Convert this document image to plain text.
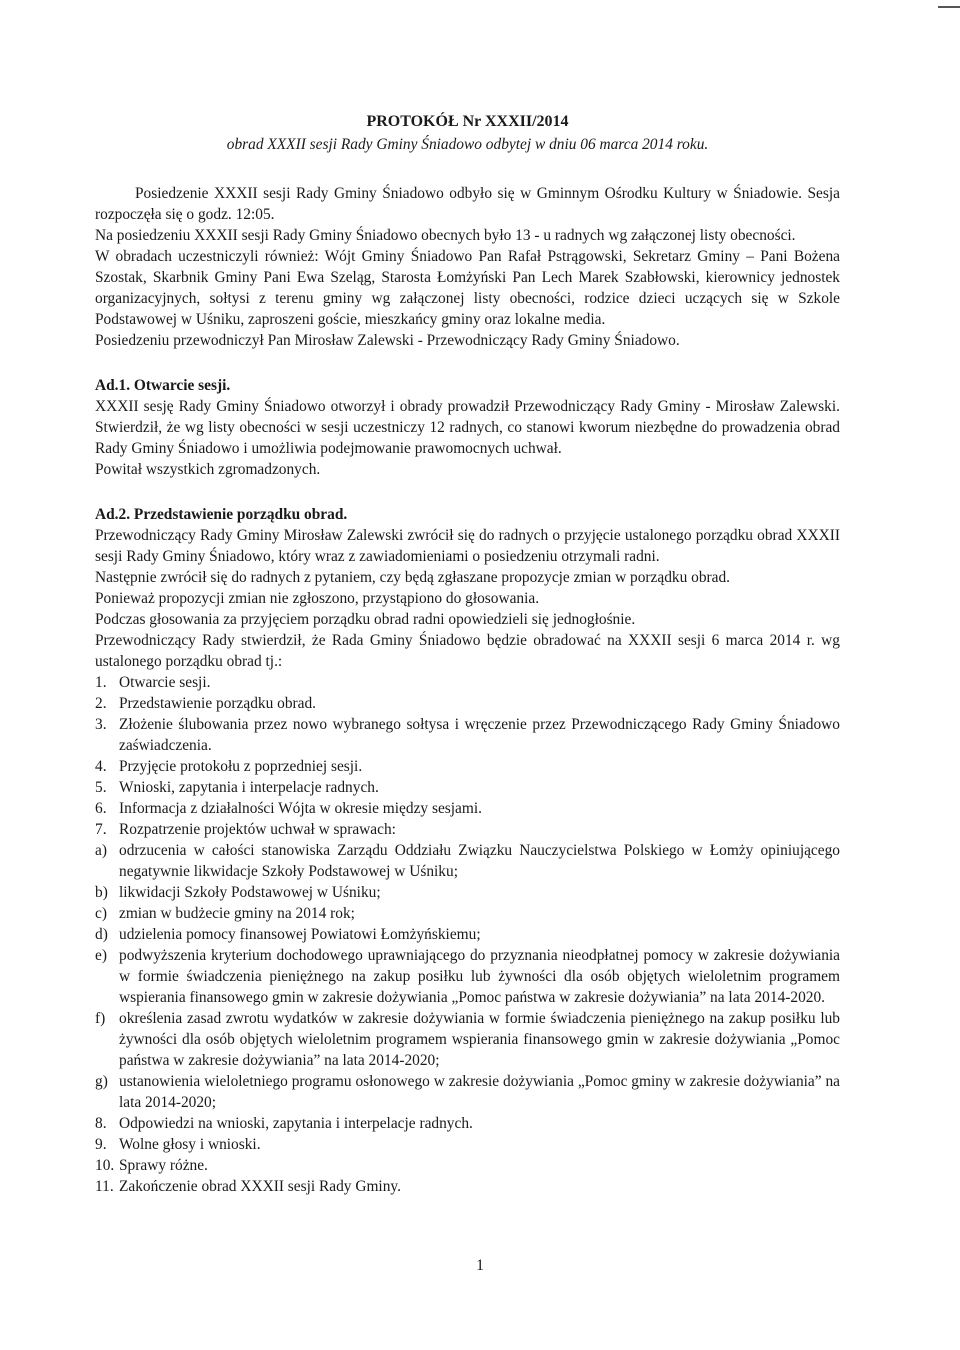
PROTOKÓŁ Nr XXXII/2014

obrad XXXII sesji Rady Gminy Śniadowo odbytej w dniu 06 marca 2014 roku.

Posiedzenie XXXII sesji Rady Gminy Śniadowo odbyło się w Gminnym Ośrodku Kultury w Śniadowie. Sesja rozpoczęła się o godz. 12:05.

Na posiedzeniu XXXII sesji Rady Gminy Śniadowo obecnych było 13 - u radnych wg załączonej listy obecności.

W obradach uczestniczyli również: Wójt Gminy Śniadowo Pan Rafał Pstrągowski, Sekretarz Gminy – Pani Bożena Szostak, Skarbnik Gminy Pani Ewa Szeląg, Starosta Łomżyński Pan Lech Marek Szabłowski, kierownicy jednostek organizacyjnych, sołtysi z terenu gminy wg załączonej listy obecności, rodzice dzieci uczących się w Szkole Podstawowej w Uśniku, zaproszeni goście, mieszkańcy gminy oraz lokalne media.

Posiedzeniu przewodniczył Pan Mirosław Zalewski - Przewodniczący Rady Gminy Śniadowo.

Ad.1. Otwarcie sesji.

XXXII sesję Rady Gminy Śniadowo otworzył i obrady prowadził Przewodniczący Rady Gminy - Mirosław Zalewski. Stwierdził, że wg listy obecności w sesji uczestniczy 12 radnych, co stanowi kworum niezbędne do prowadzenia obrad Rady Gminy Śniadowo i umożliwia podejmowanie prawomocnych uchwał.

Powitał wszystkich zgromadzonych.

Ad.2. Przedstawienie porządku obrad.

Przewodniczący Rady Gminy Mirosław Zalewski zwrócił się do radnych o przyjęcie ustalonego porządku obrad XXXII sesji Rady Gminy Śniadowo, który wraz z zawiadomieniami o posiedzeniu otrzymali radni.

Następnie zwrócił się do radnych z pytaniem, czy będą zgłaszane propozycje zmian w porządku obrad.

Ponieważ propozycji zmian nie zgłoszono, przystąpiono do głosowania.

Podczas głosowania za przyjęciem porządku obrad radni opowiedzieli się jednogłośnie.

Przewodniczący Rady stwierdził, że Rada Gminy Śniadowo będzie obradować na XXXII sesji 6 marca 2014 r. wg ustalonego porządku obrad tj.:

1. Otwarcie sesji.
2. Przedstawienie porządku obrad.
3. Złożenie ślubowania przez nowo wybranego sołtysa i wręczenie przez Przewodniczącego Rady Gminy Śniadowo zaświadczenia.
4. Przyjęcie protokołu z poprzedniej sesji.
5. Wnioski, zapytania i interpelacje radnych.
6. Informacja z działalności Wójta w okresie między sesjami.
7. Rozpatrzenie projektów uchwał w sprawach:
a) odrzucenia w całości stanowiska Zarządu Oddziału Związku Nauczycielstwa Polskiego w Łomży opiniującego negatywnie likwidacje Szkoły Podstawowej w Uśniku;
b) likwidacji Szkoły Podstawowej w Uśniku;
c) zmian w budżecie gminy na 2014 rok;
d) udzielenia pomocy finansowej Powiatowi Łomżyńskiemu;
e) podwyższenia kryterium dochodowego uprawniającego do przyznania nieodpłatnej pomocy w zakresie dożywiania w formie świadczenia pieniężnego na zakup posiłku lub żywności dla osób objętych wieloletnim programem wspierania finansowego gmin w zakresie dożywiania „Pomoc państwa w zakresie dożywiania” na lata 2014-2020.
f) określenia zasad zwrotu wydatków w zakresie dożywiania w formie świadczenia pieniężnego na zakup posiłku lub żywności dla osób objętych wieloletnim programem wspierania finansowego gmin w zakresie dożywiania „Pomoc państwa w zakresie dożywiania” na lata 2014-2020;
g) ustanowienia wieloletniego programu osłonowego w zakresie dożywiania „Pomoc gminy w zakresie dożywiania” na lata 2014-2020;
8. Odpowiedzi na wnioski, zapytania i interpelacje radnych.
9. Wolne głosy i wnioski.
10. Sprawy różne.
11. Zakończenie obrad XXXII sesji Rady Gminy.
1
